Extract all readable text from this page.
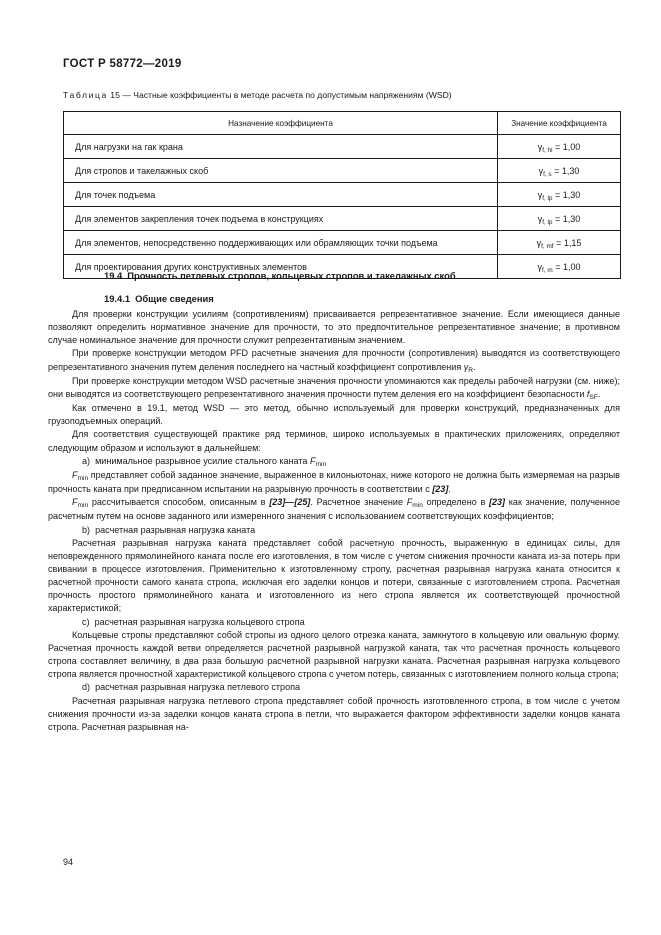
ГОСТ Р 58772—2019
Таблица 15 — Частные коэффициенты в методе расчета по допустимым напряжениям (WSD)
Назначение коэффициента	Значение коэффициента
Для нагрузки на гак крана	$\gamma_{f, hl} = 1,00$
Для стропов и такелажных скоб	$\gamma_{f, s} = 1,30$
Для точек подъема	$\gamma_{f, lp} = 1,30$
Для элементов закрепления точек подъема в конструкциях	$\gamma_{f, lp} = 1,30$
Для элементов, непосредственно поддерживающих или обрамляющих точки подъема	$\gamma_{f, mf} = 1,15$
Для проектирования других конструктивных элементов	$\gamma_{f, m} = 1,00$
19.4 Прочность петлевых стропов, кольцевых стропов и такелажных скоб
19.4.1 Общие сведения

Для проверки конструкции усилиям (сопротивлениям) присваивается репрезентативное значение. Если имеющиеся данные позволяют определить нормативное значение для прочности, то это предпочтительное репрезентативное значение; в противном случае номинальное значение для прочности служит репрезентативным значением.

При проверке конструкции методом PFD расчетные значения для прочности (сопротивления) выводятся из соответствующего репрезентативного значения путем деления последнего на частный коэффициент сопротивления $\gamma_R$.

При проверке конструкции методом WSD расчетные значения прочности упоминаются как пределы рабочей нагрузки (см. ниже); они выводятся из соответствующего репрезентативного значения прочности путем деления его на коэффициент безопасности $f_{SF}$.

Как отмечено в 19.1, метод WSD — это метод, обычно используемый для проверки конструкций, предназначенных для грузоподъемных операций.

Для соответствия существующей практике ряд терминов, широко используемых в практических приложениях, определяют следующим образом и используют в дальнейшем:

a) минимальное разрывное усилие стального каната $F_{min}$

$F_{min}$ представляет собой заданное значение, выраженное в килоньютонах, ниже которого не должна быть измеряемая на разрыв прочность каната при предписанном испытании на разрывную прочность в соответствии с [23].

$F_{min}$ рассчитывается способом, описанным в [23]—[25]. Расчетное значение $F_{min}$ определено в [23] как значение, полученное расчетным путем на основе заданного или измеренного значения с использованием соответствующих коэффициентов;

b) расчетная разрывная нагрузка каната

Расчетная разрывная нагрузка каната представляет собой расчетную прочность, выраженную в единицах силы, для неповрежденного прямолинейного каната после его изготовления, в том числе с учетом снижения прочности каната из-за потерь при свивании в процессе изготовления. Применительно к изготовленному стропу, расчетная разрывная нагрузка каната относится к расчетной прочности самого каната стропа, исключая его заделки концов и потери, связанные с изготовлением стропа. Расчетная прочность простого прямолинейного каната и изготовленного из него стропа является их соответствующей прочностной характеристикой;

c) расчетная разрывная нагрузка кольцевого стропа

Кольцевые стропы представляют собой стропы из одного целого отрезка каната, замкнутого в кольцевую или овальную форму. Расчетная прочность каждой ветви определяется расчетной разрывной нагрузкой каната, так что расчетная прочность кольцевого стропа составляет величину, в два раза большую расчетной разрывной нагрузки каната. Расчетная разрывная нагрузка кольцевого стропа является прочностной характеристикой кольцевого стропа с учетом потерь, связанных с изготовлением полного кольца стропа;

d) расчетная разрывная нагрузка петлевого стропа

Расчетная разрывная нагрузка петлевого стропа представляет собой прочность изготовленного стропа, в том числе с учетом снижения прочности из-за заделки концов каната стропа в петли, что выражается фактором эффективности заделки концов каната стропа. Расчетная разрывная на-

94
